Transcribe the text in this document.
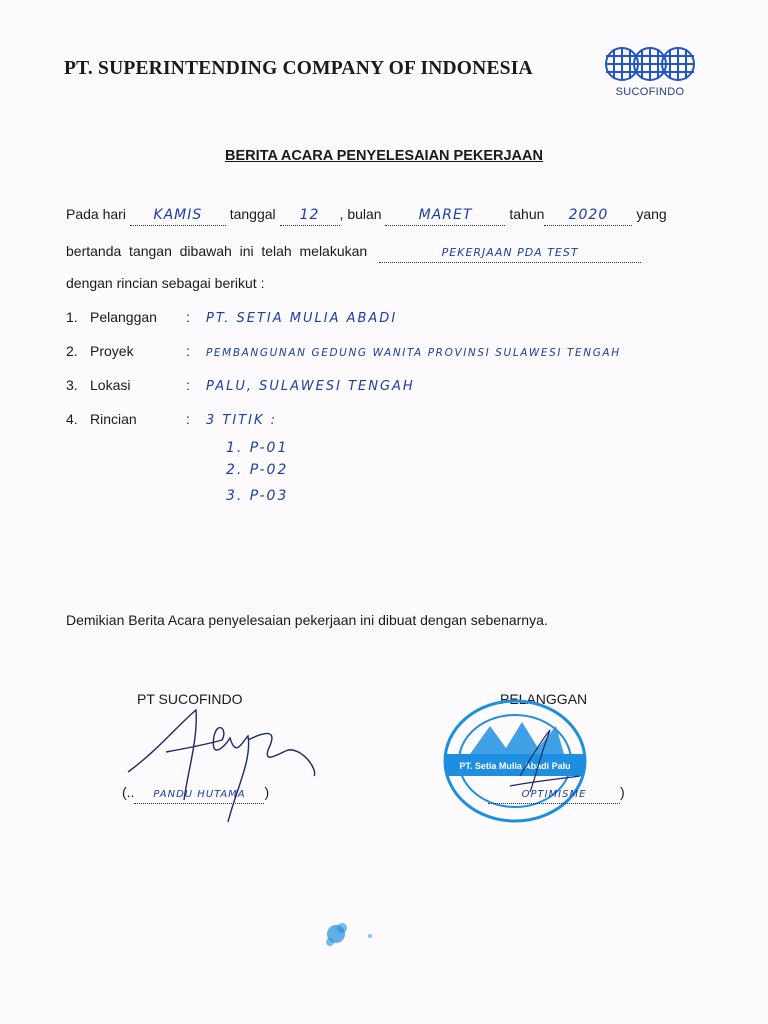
PT. SUPERINTENDING COMPANY OF INDONESIA
SUCOFINDO
BERITA ACARA PENYELESAIAN PEKERJAAN
Pada hari KAMIS tanggal 12 , bulan	MARET	tahun 2020 yang
bertanda  tangan  dibawah  ini  telah  melakukan	PEKERJAAN PDA TEST
dengan rincian sebagai berikut :
1. Pelanggan : PT. SETIA MULIA ABADI
2. Proyek	: PEMBANGUNAN GEDUNG WANITA PROVINSI SULAWESI TENGAH
3. Lokasi	: PALU, SULAWESI TENGAH
4. Rincian	: 3 TITIK :
1. P-01
2. P-02
3. P-03
Demikian Berita Acara penyelesaian pekerjaan ini dibuat dengan sebenarnya.
PT SUCOFINDO
(.. PANDU HUTAMA )
PELANGGAN
PT. Setia Mulia Abadi Palu
OPTIMISME )
